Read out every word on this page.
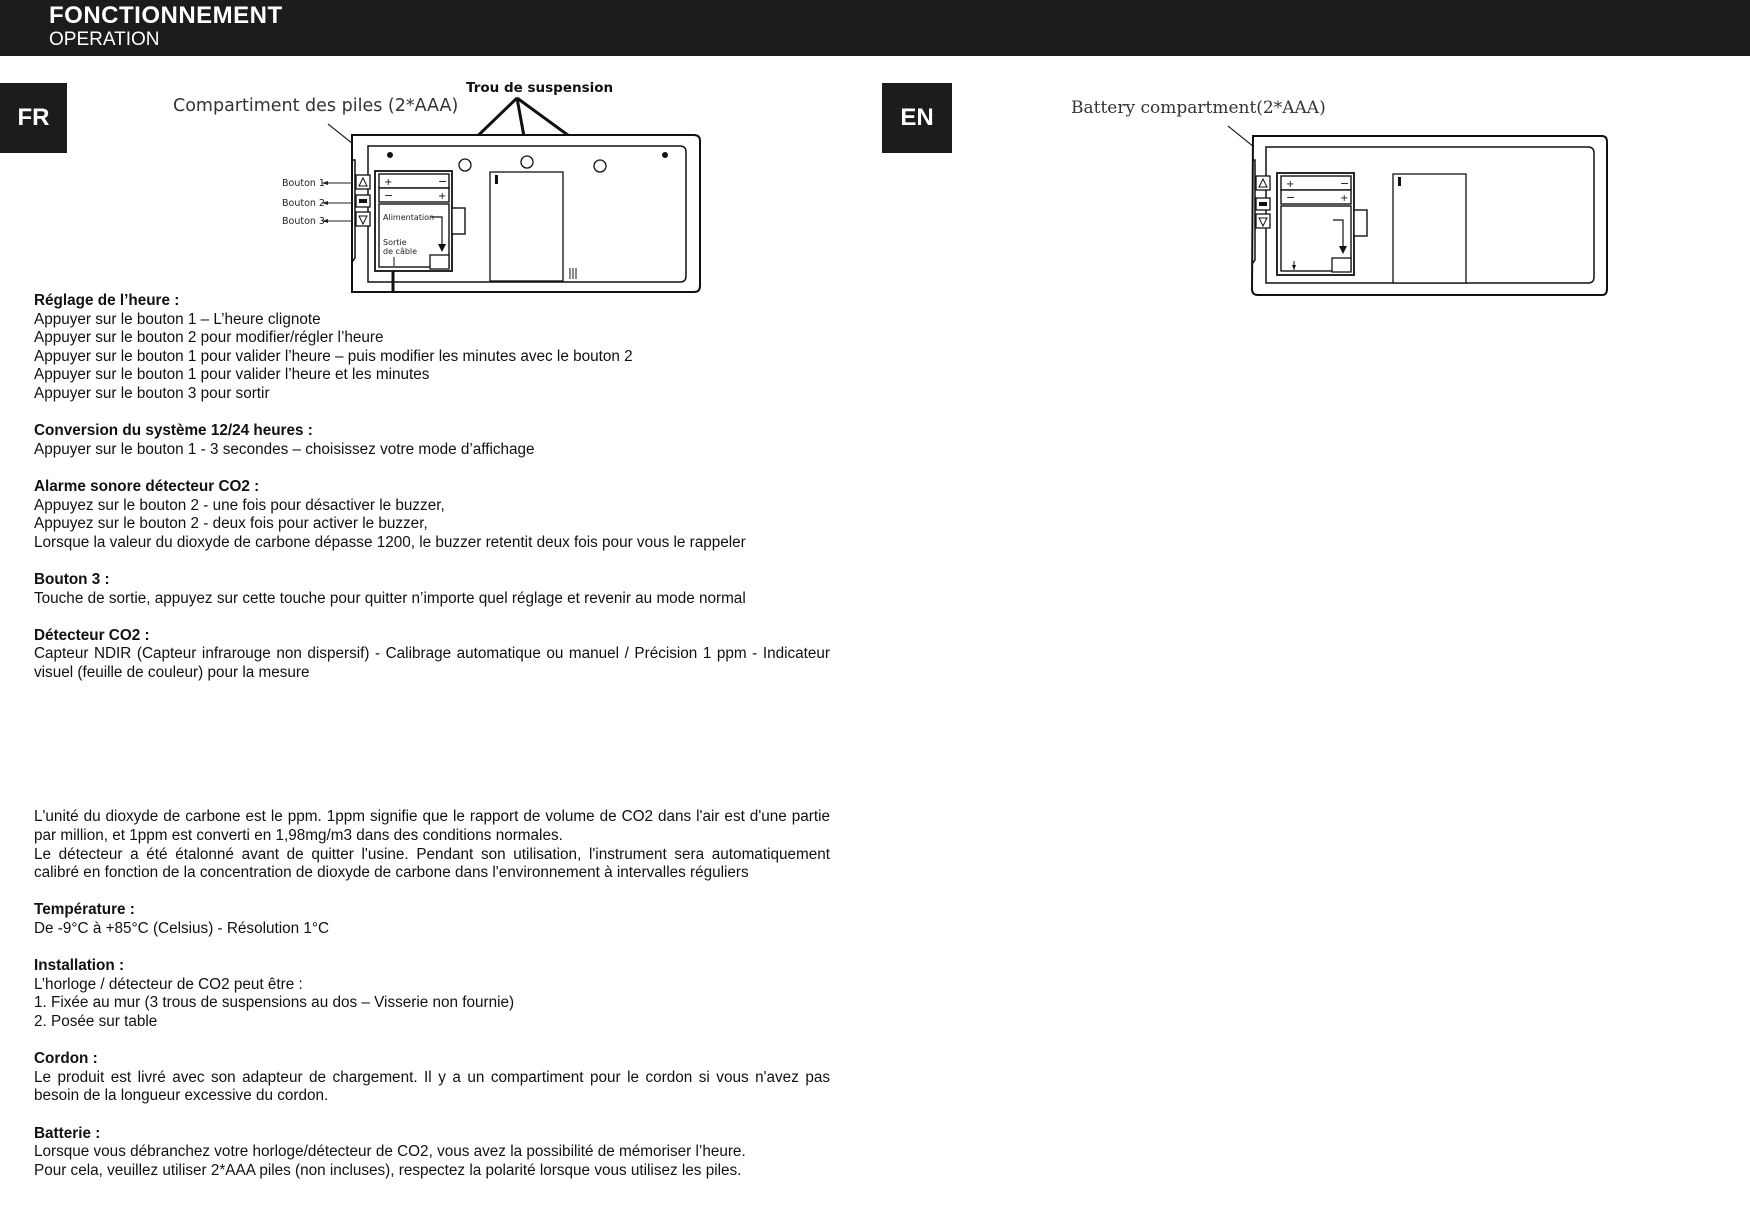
FONCTIONNEMENT
OPERATION
FR	EN
Compartiment des piles (2*AAA)
Trou de suspension
Bouton 1
Bouton 2
Bouton 3
+	−
−	+
Alimentation
Sortie
de câble
Battery compartment(2*AAA)
+	−
−	+
Réglage de l’heure :

Appuyer sur le bouton 1 – L’heure clignote

Appuyer sur le bouton 2 pour modifier/régler l’heure

Appuyer sur le bouton 1 pour valider l’heure – puis modifier les minutes avec le bouton 2

Appuyer sur le bouton 1 pour valider l’heure et les minutes

Appuyer sur le bouton 3 pour sortir

Conversion du système 12/24 heures :

Appuyer sur le bouton 1 - 3 secondes – choisissez votre mode d’affichage

Alarme sonore détecteur CO2 :

Appuyez sur le bouton 2 - une fois pour désactiver le buzzer,

Appuyez sur le bouton 2 - deux fois pour activer le buzzer,

Lorsque la valeur du dioxyde de carbone dépasse 1200, le buzzer retentit deux fois pour vous le rappeler

Bouton 3 :

Touche de sortie, appuyez sur cette touche pour quitter n’importe quel réglage et revenir au mode normal

Détecteur CO2 :

Capteur NDIR (Capteur infrarouge non dispersif) - Calibrage automatique ou manuel / Précision 1 ppm - Indicateur visuel (feuille de couleur) pour la mesure

L'unité du dioxyde de carbone est le ppm. 1ppm signifie que le rapport de volume de CO2 dans l'air est d'une partie par million, et 1ppm est converti en 1,98mg/m3 dans des conditions normales.

Le détecteur a été étalonné avant de quitter l'usine. Pendant son utilisation, l'instrument sera automatiquement calibré en fonction de la concentration de dioxyde de carbone dans l'environnement à intervalles réguliers

Température :

De -9°C à +85°C (Celsius) - Résolution 1°C

Installation :

L’horloge / détecteur de CO2 peut être :

1. Fixée au mur (3 trous de suspensions au dos – Visserie non fournie)

2. Posée sur table

Cordon :

Le produit est livré avec son adapteur de chargement. Il y a un compartiment pour le cordon si vous n'avez pas besoin de la longueur excessive du cordon.

Batterie :

Lorsque vous débranchez votre horloge/détecteur de CO2, vous avez la possibilité de mémoriser l’heure.

Pour cela, veuillez utiliser 2*AAA piles (non incluses), respectez la polarité lorsque vous utilisez les piles.
